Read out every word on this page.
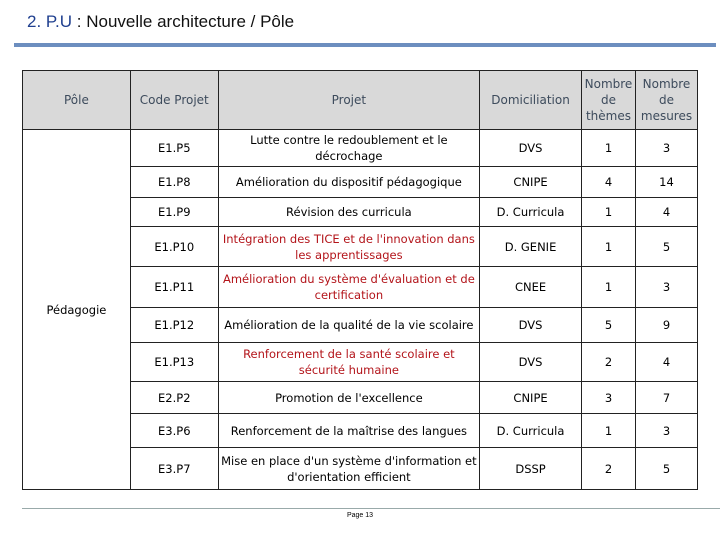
2. P.U : Nouvelle architecture / Pôle
Pôle	Code Projet	Projet	Domiciliation	Nombre de thèmes	Nombre de mesures
Pédagogie	E1.P5	Lutte contre le redoublement et le décrochage	DVS	1	3
	E1.P8	Amélioration du dispositif pédagogique	CNIPE	4	14
	E1.P9	Révision des curricula	D. Curricula	1	4
	E1.P10	Intégration des TICE et de l'innovation dans les apprentissages	D. GENIE	1	5
	E1.P11	Amélioration du système d'évaluation et de certification	CNEE	1	3
	E1.P12	Amélioration de la qualité de la vie scolaire	DVS	5	9
	E1.P13	Renforcement de la santé scolaire et sécurité humaine	DVS	2	4
	E2.P2	Promotion de l'excellence	CNIPE	3	7
	E3.P6	Renforcement de la maîtrise des langues	D. Curricula	1	3
	E3.P7	Mise en place d'un système d'information et d'orientation efficient	DSSP	2	5
Page 13
